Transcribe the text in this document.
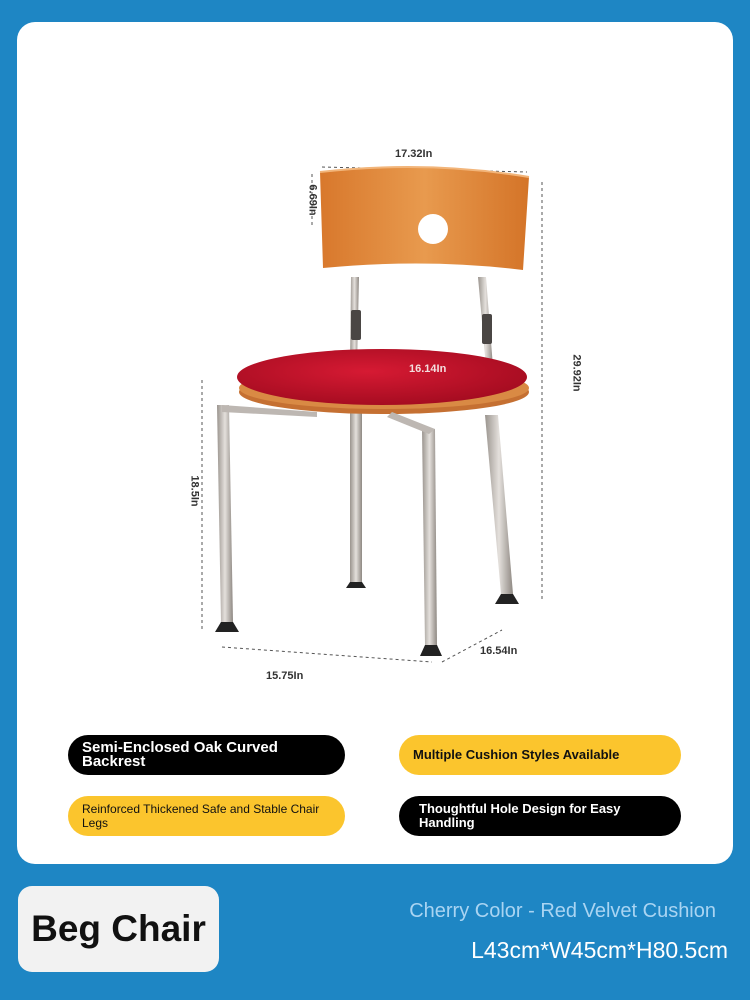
17.32In
6.69In
29.92In
16.14In
18.5In
16.54In
15.75In
Semi-Enclosed Oak Curved Backrest	Multiple Cushion Styles Available
Reinforced Thickened Safe and Stable Chair Legs
Thoughtful Hole Design for Easy Handling
Beg Chair	Cherry Color - Red Velvet Cushion
L43cm*W45cm*H80.5cm
